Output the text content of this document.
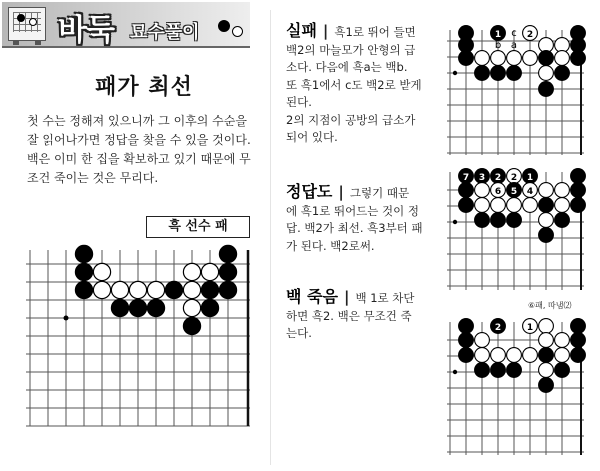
바둑 묘수풀이
패가 최선
첫 수는 정해져 있으니까 그 이후의 수순을
잘 읽어나가면 정답을 찾을 수 있을 것이다.
백은 이미 한 집을 확보하고 있기 때문에 무
조건 죽이는 것은 무리다.
흑 선수 패
1 c 2
b a
7 3 2 2 1
6 5 4
2	1
실패 | 흑1로 뛰어 들면
백2의 마늘모가 안형의 급
소다. 다음에 흑a는 백b.
또 흑1에서 c도 백2로 받게
된다.
2의 지점이 공방의 급소가
되어 있다.
정답도 | 그렇기 때문
에 흑1로 뛰어드는 것이 정
답. 백2가 최선. 흑3부터 패
가 된다. 백2로써.
백 죽음 | 백 1로 차단
하면 흑2. 백은 무조건 죽
는다.
⑥패, 따냄⑵
